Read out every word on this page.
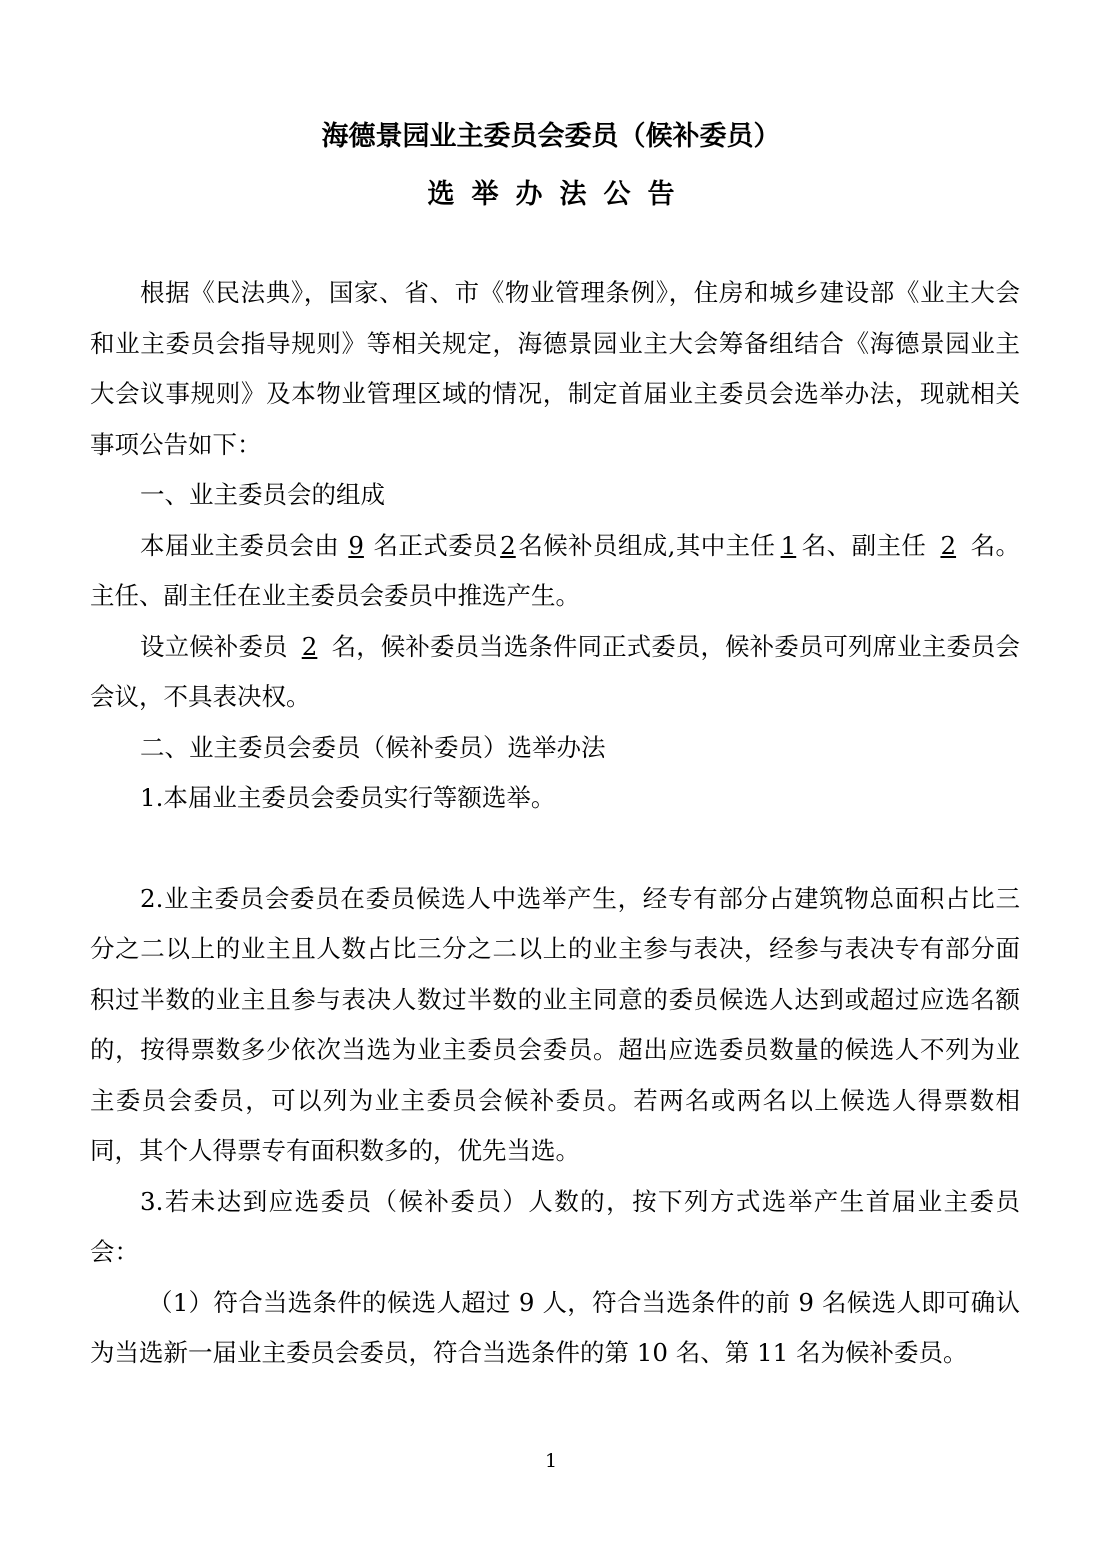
海德景园业主委员会委员（候补委员）
选举办法公告

根据《民法典》，国家、省、市《物业管理条例》，住房和城乡建设部《业主大会和业主委员会指导规则》等相关规定，海德景园业主大会筹备组结合《海德景园业主大会议事规则》及本物业管理区域的情况，制定首届业主委员会选举办法，现就相关事项公告如下：

一、业主委员会的组成

本届业主委员会由 9 名正式委员2名候补员组成,其中主任 1 名、副主任 2 名。主任、副主任在业主委员会委员中推选产生。

设立候补委员 2 名，候补委员当选条件同正式委员，候补委员可列席业主委员会会议，不具表决权。

二、业主委员会委员（候补委员）选举办法

1.本届业主委员会委员实行等额选举。

2.业主委员会委员在委员候选人中选举产生，经专有部分占建筑物总面积占比三分之二以上的业主且人数占比三分之二以上的业主参与表决，经参与表决专有部分面积过半数的业主且参与表决人数过半数的业主同意的委员候选人达到或超过应选名额的，按得票数多少依次当选为业主委员会委员。超出应选委员数量的候选人不列为业主委员会委员，可以列为业主委员会候补委员。若两名或两名以上候选人得票数相同，其个人得票专有面积数多的，优先当选。

3.若未达到应选委员（候补委员）人数的，按下列方式选举产生首届业主委员会：

（1）符合当选条件的候选人超过 9 人，符合当选条件的前 9 名候选人即可确认为当选新一届业主委员会委员，符合当选条件的第 10 名、第 11 名为候补委员。

1
